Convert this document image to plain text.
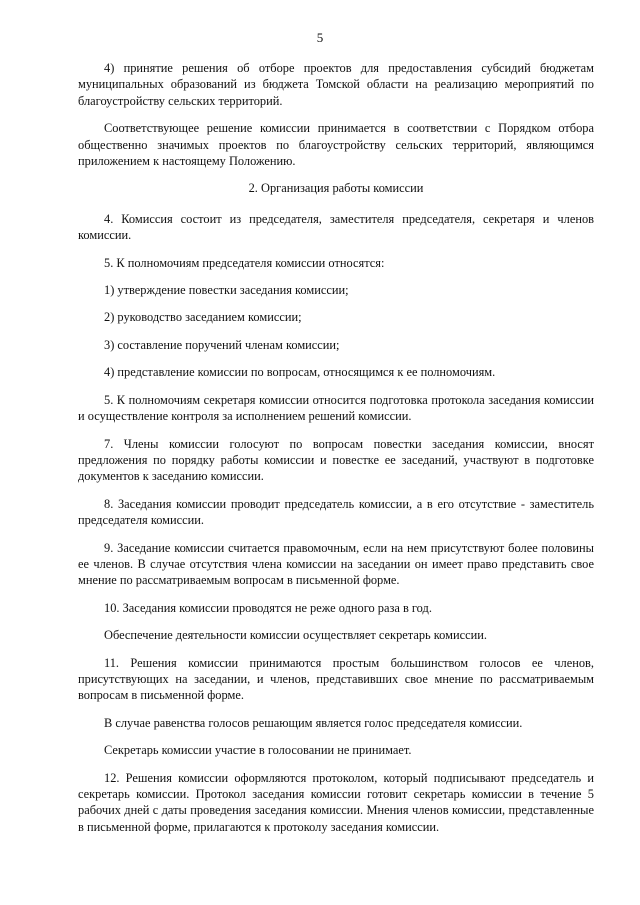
5

4) принятие решения об отборе проектов для предоставления субсидий бюджетам муниципальных образований из бюджета Томской области на реализацию мероприятий по благоустройству сельских территорий.

Соответствующее решение комиссии принимается в соответствии с Порядком отбора общественно значимых проектов по благоустройству сельских территорий, являющимся приложением к настоящему Положению.

2. Организация работы комиссии

4. Комиссия состоит из председателя, заместителя председателя, секретаря и членов комиссии.

5. К полномочиям председателя комиссии относятся:

1) утверждение повестки заседания комиссии;

2) руководство заседанием комиссии;

3) составление поручений членам комиссии;

4) представление комиссии по вопросам, относящимся к ее полномочиям.

5. К полномочиям секретаря комиссии относится подготовка протокола заседания комиссии и осуществление контроля за исполнением решений комиссии.

7. Члены комиссии голосуют по вопросам повестки заседания комиссии, вносят предложения по порядку работы комиссии и повестке ее заседаний, участвуют в подготовке документов к заседанию комиссии.

8. Заседания комиссии проводит председатель комиссии, а в его отсутствие - заместитель председателя комиссии.

9. Заседание комиссии считается правомочным, если на нем присутствуют более половины ее членов. В случае отсутствия члена комиссии на заседании он имеет право представить свое мнение по рассматриваемым вопросам в письменной форме.

10. Заседания комиссии проводятся не реже одного раза в год.

Обеспечение деятельности комиссии осуществляет секретарь комиссии.

11. Решения комиссии принимаются простым большинством голосов ее членов, присутствующих на заседании, и членов, представивших свое мнение по рассматриваемым вопросам в письменной форме.

В случае равенства голосов решающим является голос председателя комиссии.

Секретарь комиссии участие в голосовании не принимает.

12. Решения комиссии оформляются протоколом, который подписывают председатель и секретарь комиссии. Протокол заседания комиссии готовит секретарь комиссии в течение 5 рабочих дней с даты проведения заседания комиссии. Мнения членов комиссии, представленные в письменной форме, прилагаются к протоколу заседания комиссии.
